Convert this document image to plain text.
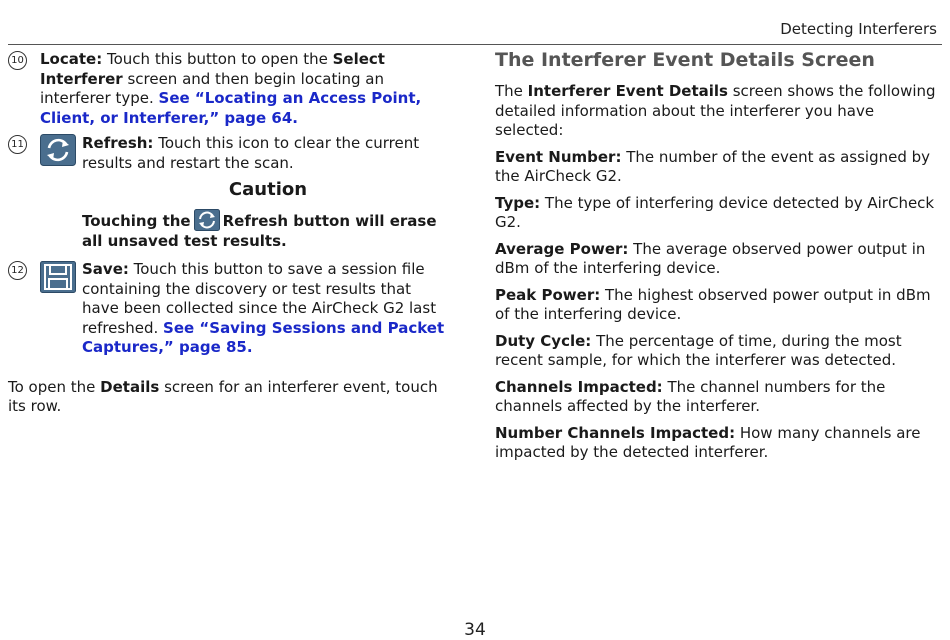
Detecting Interferers
10 Locate: Touch this button to open the Select Interferer screen and then begin locating an interferer type. See “Locating an Access Point, Client, or Interferer,” page 64.
11	Refresh: Touch this icon to clear the current results and restart the scan.
Caution
Touching the Refresh button will erase all unsaved test results.
12	Save: Touch this button to save a session file containing the discovery or test results that have been collected since the AirCheck G2 last refreshed. See “Saving Sessions and Packet Captures,” page 85.

To open the Details screen for an interferer event, touch its row.

The Interferer Event Details Screen

The Interferer Event Details screen shows the following detailed information about the interferer you have selected:

Event Number: The number of the event as assigned by the AirCheck G2.

Type: The type of interfering device detected by AirCheck G2.

Average Power: The average observed power output in dBm of the interfering device.

Peak Power: The highest observed power output in dBm of the interfering device.

Duty Cycle: The percentage of time, during the most recent sample, for which the interferer was detected.

Channels Impacted: The channel numbers for the channels affected by the interferer.

Number Channels Impacted: How many channels are impacted by the detected interferer.

34
